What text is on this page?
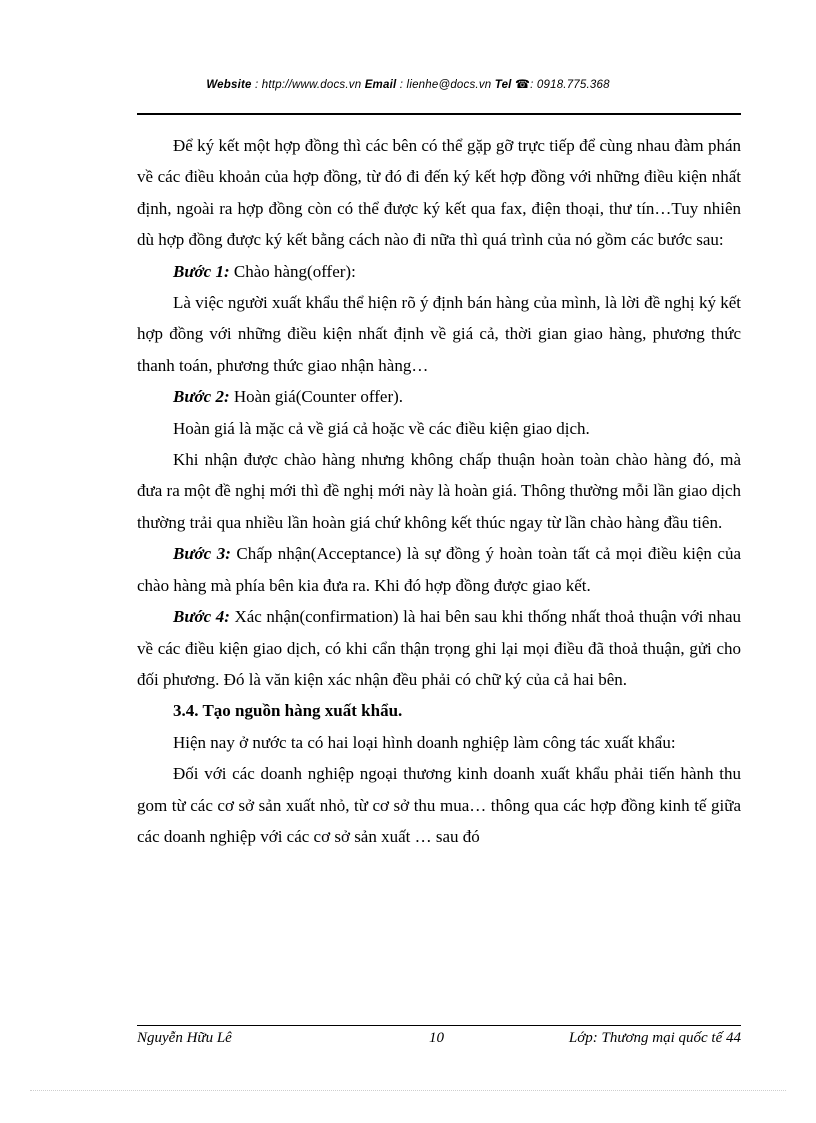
Website : http://www.docs.vn Email : lienhe@docs.vn Tel ☎: 0918.775.368

Để ký kết một hợp đồng thì các bên có thể gặp gỡ trực tiếp để cùng nhau đàm phán về các điều khoản của hợp đồng, từ đó đi đến ký kết hợp đồng với những điều kiện nhất định, ngoài ra hợp đồng còn có thể được ký kết qua fax, điện thoại, thư tín…Tuy nhiên dù hợp đồng được ký kết bằng cách nào đi nữa thì quá trình của nó gồm các bước sau:

Bước 1: Chào hàng(offer):

Là việc người xuất khẩu thể hiện rõ ý định bán hàng của mình, là lời đề nghị ký kết hợp đồng với những điều kiện nhất định về giá cả, thời gian giao hàng, phương thức thanh toán, phương thức giao nhận hàng…

Bước 2: Hoàn giá(Counter offer).

Hoàn giá là mặc cả về giá cả hoặc về các điều kiện giao dịch.

Khi nhận được chào hàng nhưng không chấp thuận hoàn toàn chào hàng đó, mà đưa ra một đề nghị mới thì đề nghị mới này là hoàn giá. Thông thường mỗi lần giao dịch thường trải qua nhiều lần hoàn giá chứ không kết thúc ngay từ lần chào hàng đầu tiên.

Bước 3: Chấp nhận(Acceptance) là sự đồng ý hoàn toàn tất cả mọi điều kiện của chào hàng mà phía bên kia đưa ra. Khi đó hợp đồng được giao kết.

Bước 4: Xác nhận(confirmation) là hai bên sau khi thống nhất thoả thuận với nhau về các điều kiện giao dịch, có khi cẩn thận trọng ghi lại mọi điều đã thoả thuận, gửi cho đối phương. Đó là văn kiện xác nhận đều phải có chữ ký của cả hai bên.

3.4. Tạo nguồn hàng xuất khẩu.

Hiện nay ở nước ta có hai loại hình doanh nghiệp làm công tác xuất khẩu:

Đối với các doanh nghiệp ngoại thương kinh doanh xuất khẩu phải tiến hành thu gom từ các cơ sở sản xuất nhỏ, từ cơ sở thu mua… thông qua các hợp đồng kinh tế giữa các doanh nghiệp với các cơ sở sản xuất … sau đó

Nguyễn Hữu Lê	10	Lớp: Thương mại quốc tế 44
